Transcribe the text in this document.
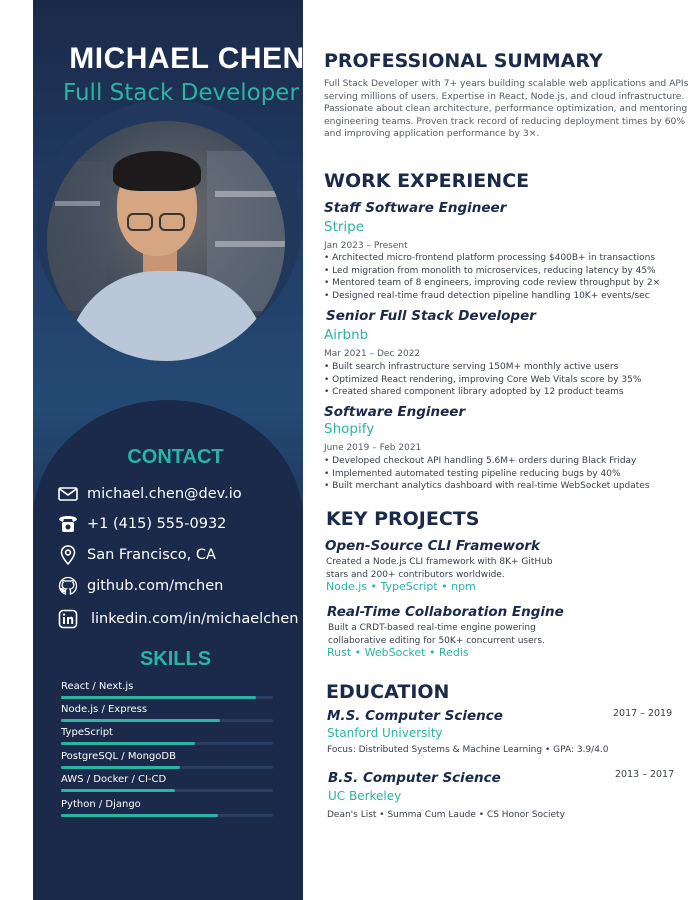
MICHAEL CHEN
Full Stack Developer
CONTACT
michael.chen@dev.io
+1 (415) 555-0932
San Francisco, CA
github.com/mchen
linkedin.com/in/michaelchen
SKILLS
React / Next.js
Node.js / Express
TypeScript
PostgreSQL / MongoDB
AWS / Docker / CI-CD
Python / Django
PROFESSIONAL SUMMARY
Full Stack Developer with 7+ years building scalable web applications and APIs serving millions of users. Expertise in React, Node.js, and cloud infrastructure. Passionate about clean architecture, performance optimization, and mentoring engineering teams. Proven track record of reducing deployment times by 60% and improving application performance by 3×.
WORK EXPERIENCE
Staff Software Engineer
Stripe
Jan 2023 – Present
• Architected micro-frontend platform processing $400B+ in transactions
• Led migration from monolith to microservices, reducing latency by 45%
• Mentored team of 8 engineers, improving code review throughput by 2×
• Designed real-time fraud detection pipeline handling 10K+ events/sec
Senior Full Stack Developer
Airbnb
Mar 2021 – Dec 2022
• Built search infrastructure serving 150M+ monthly active users
• Optimized React rendering, improving Core Web Vitals score by 35%
• Created shared component library adopted by 12 product teams
Software Engineer
Shopify
June 2019 – Feb 2021
• Developed checkout API handling 5.6M+ orders during Black Friday
• Implemented automated testing pipeline reducing bugs by 40%
• Built merchant analytics dashboard with real-time WebSocket updates
KEY PROJECTS
Open-Source CLI Framework
Created a Node.js CLI framework with 8K+ GitHub stars and 200+ contributors worldwide.
Node.js • TypeScript • npm
Real-Time Collaboration Engine
Built a CRDT-based real-time engine powering collaborative editing for 50K+ concurrent users.
Rust • WebSocket • Redis
EDUCATION
M.S. Computer Science	2017 – 2019
Stanford University
Focus: Distributed Systems & Machine Learning • GPA: 3.9/4.0
B.S. Computer Science	2013 – 2017
UC Berkeley
Dean's List • Summa Cum Laude • CS Honor Society
